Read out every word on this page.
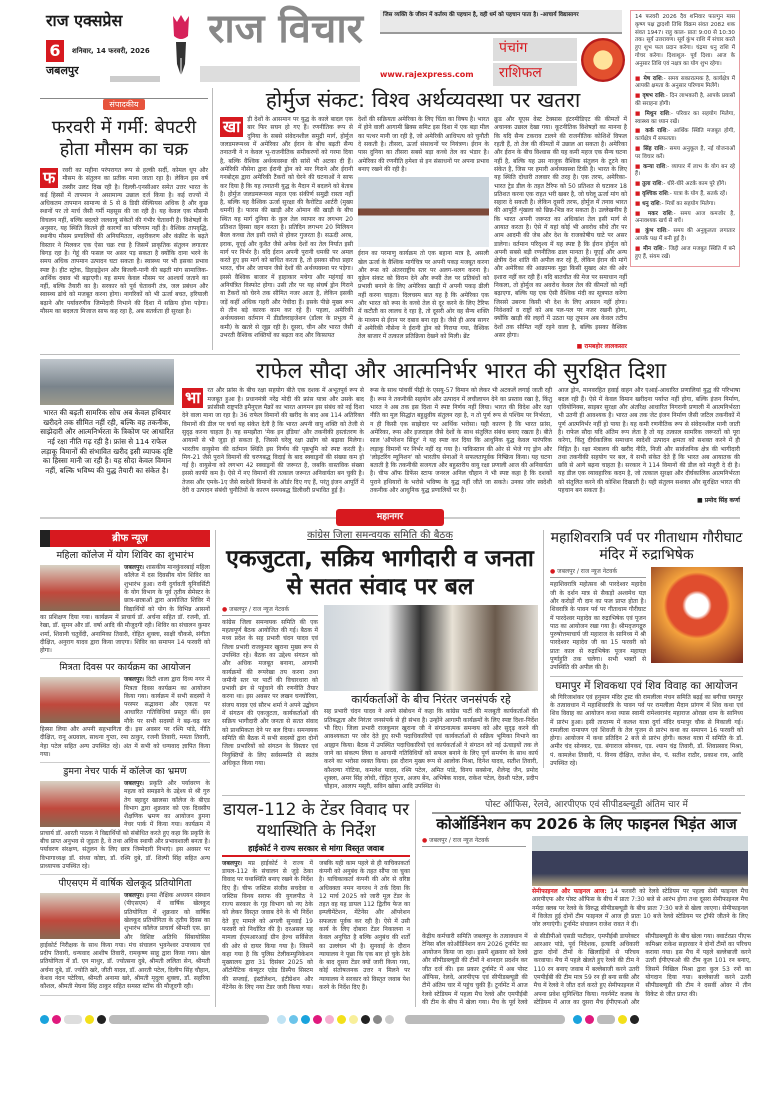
राज एक्सप्रेस
6	शनिवार, 14 फरवरी, 2026
जबलपुर
राज विचार	जिस व्यक्ति के जीवन में कर्तव्य की पहचान है, वही धर्म को पहचान पाता है। -आचार्य विद्यासागर
www.rajexpress.com
पंचांग
राशिफल
संपादकीय
फरवरी में गर्मी: बेपटरी होता मौसम का चक्र
फ	रवरी का महीना परंपरागत रूप से हल्की सर्दी, कोमल धूप और मौसम के संतुलन का प्रतीक माना जाता रहा है। लेकिन इस वर्ष तस्वीर उलट दिख रही है। दिल्ली-एनसीआर समेत उत्तर भारत के कई हिस्सों में तापमान ने असामान्य उछाल दर्ज किया है। कई राज्यों में अधिकतम तापमान सामान्य से 5 से 8 डिग्री सेल्सियस अधिक है और कुछ स्थानों पर तो मार्च जैसी गर्मी महसूस की जा रही है। यह केवल एक मौसमी विचलन नहीं, बल्कि बदलते जलवायु संकेतों की गंभीर चेतावनी है। विशेषज्ञों के अनुसार, यह स्थिति कितने ही कारणों का परिणाम नहीं है। वैश्विक तापवृद्धि, स्थानीय मौसम प्रणालियों की अनियमितता, शहरीकरण और कंक्रीट के बढ़ते विस्तार ने मिलकर एक ऐसा चक्र रचा है जिसमें प्राकृतिक संतुलन लगातार बिगड़ रहा है। गेहूं की फसल पर असर पड़ सकता है क्योंकि दाना भरने के समय अधिक तापमान उत्पादन घटा सकता है। स्वास्थ्य पर भी इसका प्रभाव स्पष्ट है। हीट स्ट्रोक, डिहाइड्रेशन और बिजली-पानी की बढ़ती मांग सामाजिक-आर्थिक दबाव भी बढ़ाएगी। यह समय केवल मौसम पर आश्चर्य जताने का नहीं, बल्कि तैयारी का है। सरकार को पूर्व चेतावनी तंत्र, जल प्रबंधन और स्वास्थ्य ढांचे को मजबूत करना होगा। नागरिकों को भी ऊर्जा बचत, हरियाली बढ़ाने और पर्यावरणीय जिम्मेदारी निभाने की दिशा में सक्रिय होना पड़ेगा। मौसम का बदलता मिजाज साफ कह रहा है, अब सतर्कता ही सुरक्षा है।
होर्मुज संकट: विश्व अर्थव्यवस्था पर खतरा
खा	ड़ी देशों के आसमान पर युद्ध के काले बादल एक बार फिर सघन हो गए हैं। रणनीतिक रूप से दुनिया के सबसे संवेदनशील समुद्री मार्ग, होर्मुज जलडमरूमध्य में अमेरिका और ईरान के बीच बढ़ती सैन्य तनातनी ने न केवल भू-राजनीतिक समीकरणों को गरमा दिया है, बल्कि वैश्विक अर्थव्यवस्था की सांसें भी अटका दी हैं। अमेरिकी नौसेना द्वारा ईरानी ड्रोन को मार गिराने और ईरानी गनबोट्स द्वारा अमेरिकी टैंकरों को घेरने की घटनाओं ने साफ कर दिया है कि यह तनातनी युद्ध के मैदान में बदलने को बेताब है। होर्मुज जलडमरूमध्य महज एक संकीर्ण समुद्री रास्ता नहीं है, बल्कि यह वैश्विक ऊर्जा सुरक्षा की कैरोटिड आर्टरी (मुख्य धमनी) है। फारस की खाड़ी और ओमान की खाड़ी के बीच स्थित यह मार्ग दुनिया के कुल तेल व्यापार का लगभग 20 प्रतिशत हिस्सा वहन करता है। प्रतिदिन लगभग 20 मिलियन बैरल कच्चा तेल इसी रास्ते से होकर गुजरता है। सऊदी अरब, इराक, यूएई और कुवैत जैसे अनेक देशों का तेल निर्यात इसी मार्ग पर निर्भर है। यदि ईरान अपनी पुरानी धमकी पर अमल करते हुए इस मार्ग को बाधित करता है, तो इसका सीधा प्रहार भारत, चीन और जापान जैसे देशों की अर्थव्यवस्था पर पड़ेगा। इससे वैश्विक बाजार में हाहाकार मचेगा और महंगाई का अनियंत्रित विस्फोट होगा। उसी तौर पर यह संघर्ष ड्रोन गिराने या टैंकरों को घेरने तक सीमित नजर आता है, लेकिन इसकी जड़ें कहीं अधिक गहरी और पेचीदा हैं। इसके पीछे मुख्य रूप से तीन बड़े कारक काम कर रहे हैं। पहला, अमेरिकी अर्थव्यवस्था वर्तमान में डीडॉलराइजेशन (डॉलर के प्रभुत्व में कमी) के खतरे से जूझ रही है। दूसरा, चीन और भारत जैसी उभरती वैश्विक शक्तियों का बढ़ता कद और किफ़ायत
देशों की सक्रियता अमेरिका के लिए चिंता का विषय है। भारत में होने वाली आगामी ब्रिक्स समिट इस दिशा में एक बड़ा मील का पत्थर मानी जा रही है, जो अमेरिकी आधिपत्य को चुनौती दे सकती है। तीसरा, ऊर्जा संसाधनों पर नियंत्रण। ईरान के पास दुनिया का तीसरा सबसे बड़ा कच्चे तेल का भंडार है। अमेरिका की रणनीति हमेशा से इन संसाधनों पर अपना प्रभाव बनाए रखने की रही है।
ईरान का परमाणु कार्यक्रम तो एक बहाना मात्र है, असली खेल ऊर्जा के वैश्विक मार्गचित्र पर अपनी पकड़ मजबूत करना और रूस को अंतरराष्ट्रीय स्तर पर अलग-थलग करना है। यूक्रेन संकट को विराम देने और रूसी तेल पर प्रतिबंधों को प्रभावी बनाने के लिए अमेरिका खाड़ी में अपनी पकड़ ढीली नहीं करना चाहता। दिलचस्प बात यह है कि अमेरिका एक और भारत को रूस के कच्चे तेल से दूर करने के लिए टैरिफ में कटौती का लालच दे रहा है, तो दूसरी ओर वह सैन्य शक्ति के माध्यम से ईरान पर दबाव बना रहा है। जैसे ही अरब सागर में अमेरिकी नौसेना ने ईरानी ड्रोन को गिराया गया, वैश्विक तेल बाजार में तत्काल प्रतिक्रिया देखने को मिली। ब्रेंट
क्रूड और यूएस वेस्ट टेक्सास इंटरमीडिएट की कीमतों में अचानक उछाल देखा गया। कूटनीतिक विशेषज्ञों का मानना है कि यदि सैन्य टकराव टालने की राजनीतिक कोशिशें विफल रहती हैं, तो तेल की कीमतों में उछाल आ सकता है। अमेरिका और ईरान के बीच विश्वास की यह कमी महज एक सैन्य घटना नहीं है, बल्कि यह उस नाजुक वैश्विक संतुलन के टूटने का संकेत है, जिस पर हमारी अर्थव्यवस्था टिकी है। भारत के लिए यह स्थिति दोधारी तलवार की तरह है। एक तरफ, अमेरिका-भारत ट्रेड डील के तहत टैरिफ को 50 प्रतिशत से घटाकर 18 प्रतिशत करना एक राहत भरी खबर है, जो घरेलू ऊर्जा मांग को सहारा दे सकती है। लेकिन दूसरी तरफ, होर्मुज में तनाव भारत की आपूर्ति शृंखला को छिन्न-भिन्न कर सकता है। उल्लेखनीय है कि भारत अपनी जरूरत का अधिकांश तेल इसी मार्ग से आयात करता है। ऐसे में यहां कोई भी अवरोध सीधे तौर पर आम आदमी की जेब और देश के राजकोषीय घाटे पर असर डालेगा। वर्तमान परिदृश्य में यह स्पष्ट है कि ईरान होर्मुज को अपनी सबसे बड़ी रणनीतिक ढाल मानता है। यूएई और अन्य क्षेत्रीय देश शांति की अपील कर रहे हैं, लेकिन ईरान की मांगें और अमेरिका की आक्रामक मुद्रा किसी सुखद अंत की ओर इशारा नहीं कर रही हैं। यदि बातचीत की मेज पर समाधान नहीं निकला, तो होर्मुज का अवरोध केवल तेल की कीमतों को नहीं बढ़ाएगा, बल्कि यह एक ऐसी वैश्विक मंदी का सूत्रपात करेगा जिससे उबरना किसी भी देश के लिए आसान नहीं होगा। निवेशकों व राष्ट्रों को अब पल-पल पर नजर रखनी होगा, क्योंकि खाड़ी की लहरों में उठता यह तूफान अब केवल तटीय देशों तक सीमित नहीं रहने वाला है, बल्कि इसका वैश्विक असर होगा।
■ रामबहोर लालकसार
14 फरवरी 2026 दैव शनिवार फाल्गुन मास कृष्ण पक्ष द्वादशी तिथि विक्रम संवत 2082 शक संवत 1947। राहु काल- प्रातः 9:00 से 10:30 तक। सूर्य उत्तरायण। सूर्य कुंभ राशि में संचार करते हुए शुभ फल प्रदान करेगा। चंद्रमा धनु राशि में गोचर करेगा। दिशाशूल- पूर्व दिशा। आज के अनुसार तिथि एवं नक्षत्र का योग शुभ रहेगा।
■ मेष राशि:- समय सकारात्मक है, कार्यक्षेत्र में आपकी क्षमता के अनुसार परिणाम मिलेंगे।
■ वृषभ राशि:- दिन लाभकारी है, आपके प्रयासों की सराहना होगी।
■ मिथुन राशि:- परिवार का सहयोग मिलेगा, स्वास्थ्य का ध्यान रखें।
■ कर्क राशि:- आर्थिक स्थिति मजबूत होगी, कार्यक्षेत्र में सफलता।
■ सिंह राशि:- समय अनुकूल है, नई योजनाओं पर विचार करें।
■ कन्या राशि:- व्यापार में लाभ के योग बन रहे हैं।
■ तुला राशि:- धीरे-धीरे अटके काम पूरे होंगे।
■ वृश्चिक राशि:- यात्रा के योग हैं, सतर्क रहें।
■ धनु राशि:- मित्रों का सहयोग मिलेगा।
■ मकर राशि:- समय आज कमजोर है, अनावश्यक खर्च से बचें।
■ कुंभ राशि:- समय की अनुकूलता लगातार आपके पक्ष में बनी हुई है।
■ मीन राशि:- जिद्दी आज मजबूत स्थिति में बने हुए हैं, संयम रखें।
भारत की बढ़ती सामरिक सोच अब केवल हथियार खरीदने तक सीमित नहीं रही, बल्कि वह तकनीक, साझेदारी और आत्मनिर्भरता के त्रिकोण पर आधारित नई रक्षा नीति गढ़ रही है। फ्रांस से 114 राफेल लड़ाकू विमानों की संभावित खरीद इसी व्यापक दृष्टि का हिस्सा मानी जा रही है। यह सौदा केवल विमान नहीं, बल्कि भविष्य की युद्ध तैयारी का संकेत है।
राफेल सौदा और आत्मनिर्भर भारत की सुरक्षित दिशा
भा	रत और फ्रांस के बीच रक्षा सहयोग बीते एक दशक में अभूतपूर्व रूप से मजबूत हुआ है। प्रधानमंत्री नरेंद्र मोदी की फ्रांस यात्रा और उसके बाद फ्रांसीसी राष्ट्रपति इमैनुएल मैक्रों का भारत आगमन इस संबंध को नई दिशा देने वाला माना जा रहा है। 36 राफेल विमानों की खरीद के बाद अब 114 अतिरिक्त विमानों की डील पर चर्चा यह संकेत देती है कि भारत अपनी वायु शक्ति को तेजी से सुदृढ़ करना चाहता है। यह समझौता 'मेक इन इंडिया' और तकनीकी हस्तांतरण के आयामों से भी जुड़ा हो सकता है, जिससे घरेलू रक्षा उद्योग को बढ़ावा मिलेगा। भारतीय वायुसेना की वर्तमान स्थिति इस निर्णय की पृष्ठभूमि को स्पष्ट करती है। मिग-21 जैसे पुराने विमानों की चरणबद्ध विदाई के बाद स्क्वाड्रनों की संख्या कम हो गई है। वायुसेना को लगभग 42 स्क्वाड्रनों की जरूरत है, जबकि वास्तविक संख्या इससे काफी कम है। ऐसे में नए विमानों की तत्काल जरूरत अनिवार्यता बन चुकी है। तेजस और एमके-1ए जैसे स्वदेशी विमानों के ऑर्डर दिए गए हैं, परंतु इंजन आपूर्ति में देरी व उत्पादन संबंधी चुनौतियों के कारण समयबद्ध डिलीवरी प्रभावित हुई है।
रूस के साथ पांचवीं पीढ़ी के एसयू-57 विमान को लेकर भी अटकलें लगाई जाती रही हैं। रूस ने तकनीकी सहयोग और उत्पादन में लचीलापन देने का प्रस्ताव रखा है, किंतु भारत ने अब तक इस दिशा में स्पष्ट निर्णय नहीं लिया। भारत की विदेश और रक्षा नीति का मूल सिद्धांत बहुध्रुवीय संतुलन रहा है, न तो पूर्ण रूप से पश्चिम पर निर्भरता, न ही किसी एक साझेदार पर आर्थिक भरोसा। यही कारण है कि भारत फ्रांस, अमेरिका, रूस और इजराइल जैसे देशों के साथ संतुलित संबंध बनाए रखता है। बीते साल 'ऑपरेशन सिंदूर' ने यह स्पष्ट कर दिया कि आधुनिक युद्ध केवल पारंपरिक लड़ाकू विमानों पर निर्भर नहीं रह गया है। पाकिस्तान की ओर से भेजे गए ड्रोन और 'लोइटरिंग म्यूनिशन' को भारतीय सेनाओं ने सफलतापूर्वक निष्क्रिय किया। यह घटना बताती है कि तकनीकी सजगता और बहुस्तरीय वायु रक्षा प्रणाली आज की अनिवार्यता है। चीफ ऑफ डिफेंस स्टाफ जनरल अनिल चौहान ने भी स्पष्ट कहा है कि दशकों पुराने हथियारों के भरोसे भविष्य के युद्ध नहीं जीते जा सकते। उनका जोर स्वदेशी तकनीक और आधुनिक युद्ध प्रणालियों पर है।
आज ड्रोन, मानवरहित हवाई वाहन और एआई-आधारित प्रणालियां युद्ध की परिभाषा बदल रही हैं। ऐसे में केवल विमान खरीदना पर्याप्त नहीं होगा, बल्कि इंजन निर्माण, एवियोनिक्स, साइबर सुरक्षा और अंतरिक्ष आधारित निगरानी प्रणाली में आत्मनिर्भरता भी उतनी ही आवश्यक है। भारत अब तक जेट इंजन निर्माण जैसी जटिल तकनीकों में पूर्ण आत्मनिर्भर नहीं हो पाया है। यह कमी रणनीतिक रूप से संवेदनशील मानी जाती है। राफेल सौदा यदि अंतिम रूप लेता है तो यह तत्काल सामरिक जरूरतों को पूरा करेगा, किंतु दीर्घकालिक समाधान स्वदेशी उत्पादन क्षमता को सशक्त करने में ही निहित है। रक्षा मंत्रालय की खरीद नीति, निजी और सार्वजनिक क्षेत्र की भागीदारी तथा तकनीकी सहयोग पर बल, ये सभी संकेत देते हैं कि भारत अब आयातक की छवि से आगे बढ़ना चाहता है। सरकार ने 114 विमानों की डील को मंजूरी दे दी है। यह डील एक व्यावहारिक कदम है, जो तत्काल सुरक्षा और दीर्घकालिक आत्मनिर्भरता को संतुलित करने की कोशिश दिखाती है। यही संतुलन सशक्त और सुरक्षित भारत की पहचान बन सकता है।
■ प्रमोद सिंह कर्णा
महानगर
ब्रीफ न्यूज़
महिला कॉलेज में योग शिविर का शुभारंभ
जबलपुर। शासकीय मानकुंवरबाई महिला कॉलेज में दस दिवसीय योग शिविर का शुभारंभ हुआ। रानी दुर्गावती यूनिवर्सिटी के योग विभाग के पूर्व तृतीय सेमेस्टर के छात्र-छात्राओं द्वारा आयोजित शिविर में विद्यार्थियों को योग के विभिन्न आसनों का प्रशिक्षण दिया गया। कार्यक्रम में प्राचार्य डॉ. अर्चना सहित डॉ. रजनी, डॉ. रेखा, डॉ. सुमन और डॉ. वर्षा आदि की मौजूदगी रही। शिविर का संचालन कुमार शर्मा, शिवानी चतुर्वेदी, अनामिका तिवारी, रोहित शुक्ला, साक्षी चौकसे, संगीता दीक्षित, अनुराग यादव द्वारा किया जाएगा। शिविर का समापन 14 फरवरी को होगा।
मित्रता दिवस पर कार्यक्रम का आयोजन
जबलपुर। विटी शाला द्वारा दिव्य नगर में मित्रता दिवस कार्यक्रम का आयोजन किया गया। कार्यक्रम में सभी सदस्यों ने परस्पर सद्भावना और एकता पर आधारित गतिविधियां प्रस्तुत कीं। इस मौके पर सभी सदस्यों ने बढ़-चढ़ कर हिस्सा लिया और अपनी सहभागिता दी। इस अवसर पर रश्मि पांडे, नीति दीक्षित, रानू अग्रवाल, साधना गुप्ता, रमा ठाकुर, रजनी तिवारी, ममता तिवारी, नेहा पटेल सहित अन्य उपस्थित रहे। अंत में सभी को धन्यवाद ज्ञापित किया गया।
डुमना नेचर पार्क में कॉलेज का भ्रमण
जबलपुर। प्रकृति और पर्यावरण के महत्व को समझाने के उद्देश्य से श्री गुरु तेग बहादुर खालसा कॉलेज के बीएड विभाग द्वारा शुक्रवार को एक दिवसीय शैक्षणिक भ्रमण का आयोजन डुमना नेचर पार्क में किया गया। कार्यक्रम में प्राचार्य डॉ. आरती पाठक ने विद्यार्थियों को संबोधित करते हुए कहा कि प्रकृति के बीच प्राप्त अनुभव से जुड़ता है, वे तथा अधिक स्थायी और प्रभावशाली बनता है। पर्यावरण संरक्षण, संतुलन के लिए छात्र जिम्मेदारी निभाएं। इस अवसर पर विभागाध्यक्ष डॉ. संध्या कोष्टा, डॉ. रश्मि दुबे, डॉ. शिल्पी सिंह सहित अन्य प्राध्यापक उपस्थित रहे।
पीएसएम में वार्षिक खेलकूद प्रतियोगिता
जबलपुर। इन्सा शैक्षिक अध्ययन संस्थान (पीएसएम) में वार्षिक खेलकूद प्रतियोगिता में शुक्रवार को वार्षिक खेलकूद प्रतियोगिता के तृतीय दिवस का शुभारंभ कॉलेज प्राचार्य श्रीमती एस. झा और विशिष्ट अतिथि सिंबायोसिस हाईकोर्ट निरीक्षक के साथ किया गया। मंच संचालन भुवनेश्वर उपाध्याय एवं प्रदीप तिवारी, धन्यवाद आशीष तिवारी, रामकृष्ण साहू द्वारा किया गया। खेल प्रतियोगिता में डॉ. एन माथुर, डॉ. ज्योत्सना दुबे, श्रीमती ललिता सेन, श्रीमती अर्चना दुबे, डॉ. ज्योति खरे, जीती यादव, डॉ. आरती पटेल, दिलीप सिंह चौहान, केशव नंदन पटेरिया, श्रीमती अनामा खरे, श्रीमती मृदुला शुक्ला, डॉ. सहरिया कौशल, श्रीमती मेघना सिंह ठाकुर सहित समस्त स्टॉफ की मौजूदगी रही।
कांग्रेस जिला समन्वयक समिति की बैठक
एकजुटता, सक्रिय भागीदारी व जनता से सतत संवाद पर बल
● जबलपुर / राज न्यूज नेटवर्क
कांग्रेस जिला समन्वयक समिति की एक महत्वपूर्ण बैठक आयोजित की गई। बैठक में मध्य प्रदेश के सह प्रभारी चंदन यादव एवं जिला प्रभारी राजकुमार खुराना मुख्य रूप से उपस्थित रहे। बैठक का उद्देश्य संगठन को और अधिक मजबूत बनाना, आगामी कार्यक्रमों की रूपरेखा तय करना तथा जमीनी स्तर पर पार्टी की विचारधारा को प्रभावी ढंग से पहुंचाने की रणनीति तैयार करना था। इस अवसर पर लखन घनघोरिया, संजय यादव एवं सौरभ शर्मा ने अपने उद्बोधन में संगठन की एकजुटता, कार्यकर्ताओं की सक्रिय भागीदारी और जनता से सतत संवाद को प्राथमिकता देने पर बल दिया। समन्वयक समिति की बैठक में सभी सदस्यों द्वारा दोनों जिला प्रभारियों को संगठन के विस्तार एवं नियुक्तियों के लिए सर्वसम्मति से स्वतंत्र अधिकृत किया गया।
कार्यकर्ताओं के बीच निरंतर जनसंपर्क रहे
सह प्रभारी चंदन यादव ने अपने संबोधन में कहा कि कांग्रेस पार्टी की मजबूती कार्यकर्ताओं की प्रतिबद्धता और निरंतर जनसंपर्क से ही संभव है। उन्होंने आगामी कार्यक्रमों के लिए स्पष्ट दिशा-निर्देश भी दिए। जिला प्रभारी राजकुमार खुराना जी ने संगठनात्मक समन्वय को और सुदृढ़ करने की आवश्यकता पर जोर देते हुए सभी पदाधिकारियों एवं कार्यकर्ताओं से सक्रिय भूमिका निभाने का आह्वान किया। बैठक में उपस्थित पदाधिकारियों एवं कार्यकर्ताओं ने संगठन को नई ऊंचाइयों तक ले जाने का संकल्प लिया व आगामी गतिविधियों को सफल बनाने के लिए पूर्ण समर्पण के साथ कार्य करने का भरोसा व्यक्त किया। इस दौरान मुख्य रूप से आलोक मिश्रा, दिनेश यादव, सतीश तिवारी, कौशल्या गोटिया, कमलेश यादव, रश्मि पटेल, अमित पांडे, विनय सक्सेना, शैलेन्द्र जैन, प्रमोद शुक्ला, अमर सिंह लोधी, रोहित गुप्ता, अजय बेन, अभिषेक यादव, राकेश पटेल, देवशी पटेल, प्रदीप चौहान, आलाप मसूरी, सविन खोसा आदि उपस्थित थे।
महाशिवरात्रि पर्व पर गीताधाम गौरीघाट मंदिर में रुद्राभिषेक
● जबलपुर / राज न्यूज नेटवर्क
महाशिवरात्रि महोत्सव श्री पारदेश्वर महादेव जी के दर्शन मात्र से सैकड़ों अश्वमेध यज्ञ और करोड़ों गौ दान का फल प्राप्त होता है। शिवरात्रि के पावन पर्व पर गीताधाम गौरीघाट में पारदेश्वर महादेव का रुद्राभिषेक एवं पूजन पाठ का आयोजन रखा गया है। श्रीमद्जगद्गुरु पुरुषोत्तमाचार्य जी महाराज के सानिध्य में श्री पारदेश्वर महादेव जी का 15 फरवरी को प्रातः काल से रुद्राभिषेक पूजन महायज्ञ पूर्णाहुति तक चलेगा। सभी भक्तों से उपस्थिति की अपील की है।
घमापुर में शिवकथा एवं शिव विवाह का आयोजन
श्री गिरिजाशंकर एवं हनुमान मंदिर ट्रस्ट की रामलीला मंचन समिति बढ़ई का बगीचा घमापुर के तत्वावधान में महाशिवरात्रि के पावन पर्व पर रामलीला मैदान प्रांगण में शिव कथा एवं शिव विवाह का आयोजन कथा व्यास स्वामी रामेश्वरानंद महाराज ओरछा धाम के सानिध्य में प्रारंभ हुआ। इसी तारतम्य में कलश यात्रा दुर्गा मंदिर घमापुर चौक से निकाली गई। रामलीला रामायण एवं शिवजी के तेल पूजन से प्रारंभ कथा का समापन 16 फरवरी को होगा। आयोजन में कथा प्रतिदिन 2 बजे से प्रारंभ होगी। कलश यात्रा में समिति के डॉ. अमीर चंद सोनकर, एड. बंगाराज सोनकर, एड. श्याम चंद्र तिवारी, डॉ. शिवप्रसाद मिश्रा, पं. कामलेश तिवारी, पं. विनय दीक्षित, राजेश सेन, पं. सतीश राठौर, प्रकाश राय, आदि उपस्थित रहे।
डायल-112 के टेंडर विवाद पर यथास्थिति के निर्देश
हाईकोर्ट ने राज्य सरकार से मांगा विस्तृत जवाब
जबलपुर। मप्र हाईकोर्ट ने राज्य में डायल-112 के संचालन से जुड़े ठेका विवाद पर यथास्थिति बनाए रखने के निर्देश दिए हैं। चीफ जस्टिस संजीव सचदेवा व जस्टिस विनय सराफ की युगलपीठ ने राज्य सरकार के गृह विभाग को नए ठेके को लेकर विस्तृत जवाब देने के भी निर्देश देते हुए मामले को अगली सुनवाई 19 फरवरी को निर्धारित की है। दरअसल यह मामला ईएमआरआई ग्रीन हेल्थ सर्विसेज की ओर से दायर किया गया है। जिसमें कहा गया है कि पुलिस टेलीकम्युनिकेशन मुख्यालय द्वारा 31 दिसंबर 2025 को ऑटोमैटिक कंप्यूटर एडेड डिस्पैच सिस्टम की सप्लाई, इंस्टॉलेशन, इंटीग्रेशन और मेंटेनेंस के लिए नया टेंडर जारी किया गया। जबकि यही काम पहले से ही याचिकाकर्ता कंपनी को अनुबंध के तहत सौंपा जा चुका है। याचिकाकर्ता कंपनी की ओर से वरिष्ठ अधिवक्ता नमन नागरथ ने तर्क दिया कि 12 मार्च 2025 को जारी मूल टेंडर के तहत वह यह डायल 112 द्वितीय फेज का इम्प्लीमेंटेशन, मेंटेनेंस और ऑपरेशन सफलता पूर्वक कर रही है। ऐसे में उसी कार्य के लिए दोबारा टेंडर निकालना न केवल अनुचित है बल्कि अनुबंध की शर्तों का उल्लंघन भी है। सुनवाई के दौरान न्यायालय ने पूछा कि एक बार हो चुके ठेके के बाद दूसरा टेंडर क्यों जारी किया गया, कोई संतोषजनक उत्तर न मिलने पर न्यायालय ने सरकार को विस्तृत जवाब पेश करने के निर्देश दिए हैं।
पोस्ट ऑफिस, रेलवे, आरपीएफ एवं सीपीडब्ल्यूडी अंतिम चार में
कोऑर्डिनेशन कप 2026 के लिए फाइनल भिड़ंत आज
● जबलपुर / राज न्यूज नेटवर्क
सेमीफाइनल और फाइनल आज: 14 फरवरी को रेलवे स्टेडियम पर पहला सेमी फाइनल मैच आरपीएफ और पोस्ट ऑफिस के बीच में प्रातः 7:30 बजे से आरंभ होगा तथा दूसरा सेमीफाइनल मैच नर्मदा क्लब पर रेलवे के विरुद्ध सीपीडब्ल्यूडी के बीच प्रातः 7:30 बजे से खेला जाएगा। सेमीफाइनल में विजेता हुई दोनों टीम फाइनल में आज ही प्रातः 10 बजे रेलवे स्टेडियम पर ट्रॉफी जीतने के लिए जोर लगाएंगी। टूर्नामेंट संचालन राजेश रावत ने दी।
केंद्रीय कर्मचारी समिति जबलपुर के तत्वावधान में टेनिस बॉल कोऑर्डिनेशन कप 2026 टूर्नामेंट का आयोजन किया जा रहा। इसमें शुक्रवार को रेलवे और सीपीडब्ल्यूडी की टीमों ने शानदार प्रदर्शन कर जीत दर्ज की। इस प्रकार टूर्नामेंट में अब पोस्ट ऑफिस, रेलवे, आरपीएफ एवं सीपीडब्ल्यूडी की टीमें अंतिम चार में पहुंच चुकी हैं। टूर्नामेंट में आज रेलवे स्टेडियम में पहला मैच रेलवे और एमपीईबी की टीम के बीच में खेला गया। मैच के पूर्व रेलवे से सीडीपीओ एसडी पाटीदार, एमपीईबी डायरेक्टर आरआर पांडे, पूर्व निदेशक, इत्यादि अधिकारी द्वारा दोनों टीमों के खिलाड़ियों से परिचय करवाया। मैच में पहले खेलते हुए रेलवे की टीम ने 110 रन बनाए जवाब में बल्लेबाजी करने उतरी एमपीईबी की टीम मात्र 59 रन ही बना सकी और मैच में रेलवे ने जीत दर्ज करते हुए सेमीफाइनल में अपना प्रवेश सुनिश्चित किया। गवर्नमेंट कलब के स्टेडियम में आज का दूसरा मैच ईपीएफओ और सीपीडब्ल्यूडी के बीच खेला गया। क्वार्टरफ्रा पीएफ कमिश्नर राकेश सहारवार ने दोनों टीमों का परिचय कराया गया। इस मैच में पहले बल्लेबाजी करने उतरी ईपीएफओ की टीम कुल 101 रन बनाए, जिसमें निखिल मिश्रा द्वारा कुल 53 रनों का योगदान दिया गया। बल्लेबाजी करने उतरी सीपीडब्ल्यूडी की टीम ने दसवीं ओवर में तीन विकेट से जीत प्राप्त की।
